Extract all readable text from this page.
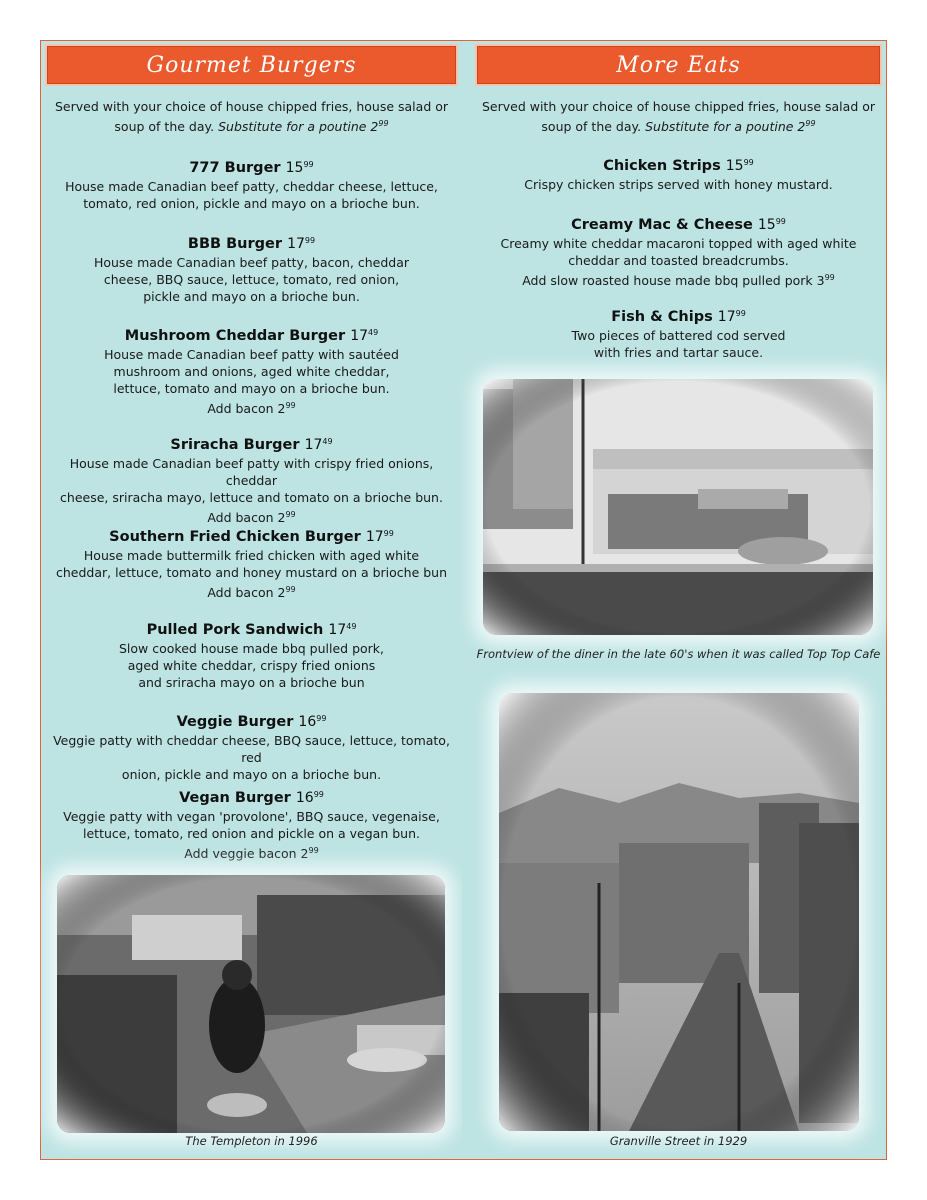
Gourmet Burgers

Served with your choice of house chipped fries, house salad or soup of the day. Substitute for a poutine $2^{99}$

777 Burger $15^{99}$
House made Canadian beef patty, cheddar cheese, lettuce,
tomato, red onion, pickle and mayo on a brioche bun.
BBB Burger $17^{99}$
House made Canadian beef patty, bacon, cheddar
cheese, BBQ sauce, lettuce, tomato, red onion,
pickle and mayo on a brioche bun.
Mushroom Cheddar Burger $17^{49}$
House made Canadian beef patty with sautéed
mushroom and onions, aged white cheddar,
lettuce, tomato and mayo on a brioche bun.
Add bacon $2^{99}$
Sriracha Burger $17^{49}$
House made Canadian beef patty with crispy fried onions, cheddar
cheese, sriracha mayo, lettuce and tomato on a brioche bun.
Add bacon $2^{99}$
Southern Fried Chicken Burger $17^{99}$
House made buttermilk fried chicken with aged white
cheddar, lettuce, tomato and honey mustard on a brioche bun
Add bacon $2^{99}$
Pulled Pork Sandwich $17^{49}$
Slow cooked house made bbq pulled pork,
aged white cheddar, crispy fried onions
and sriracha mayo on a brioche bun
Veggie Burger $16^{99}$
Veggie patty with cheddar cheese, BBQ sauce, lettuce, tomato, red
onion, pickle and mayo on a brioche bun.
Vegan Burger $16^{99}$
Veggie patty with vegan 'provolone', BBQ sauce, vegenaise,
lettuce, tomato, red onion and pickle on a vegan bun.
Add veggie bacon $2^{99}$
The Templeton in 1996
More Eats

Served with your choice of house chipped fries, house salad or soup of the day. Substitute for a poutine $2^{99}$

Chicken Strips $15^{99}$
Crispy chicken strips served with honey mustard.
Creamy Mac & Cheese $15^{99}$
Creamy white cheddar macaroni topped with aged white
cheddar and toasted breadcrumbs.
Add slow roasted house made bbq pulled pork $3^{99}$
Fish & Chips $17^{99}$
Two pieces of battered cod served
with fries and tartar sauce.
Frontview of the diner in the late 60's when it was called Top Top Cafe
Granville Street in 1929
